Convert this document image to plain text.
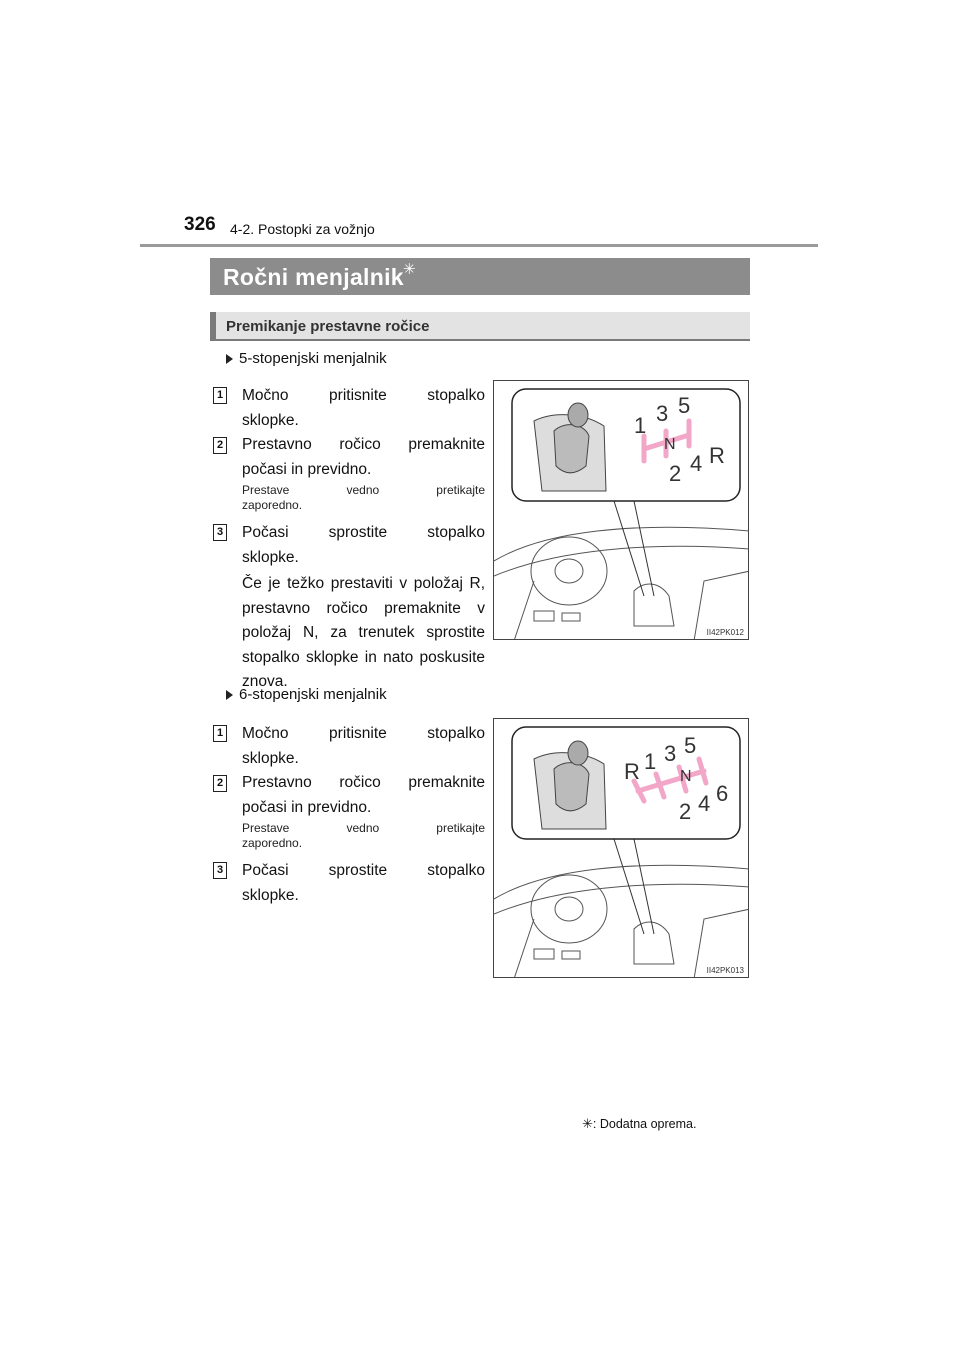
326 4-2. Postopki za vožnjo
Ročni menjalnik ✳
Premikanje prestavne ročice
5-stopenjski menjalnik
1 Močno pritisnite stopalko
sklopke.
2 Prestavno ročico premaknite
počasi in previdno.
Prestave vedno pretikajte
zaporedno.
3 Počasi sprostite stopalko
sklopke.
Če je težko prestaviti v položaj R,
prestavno ročico premaknite v
položaj N, za trenutek sprostite
stopalko sklopke in nato poskusite
znova.
1 3 5
N
2 4 R
II42PK012
6-stopenjski menjalnik
1 Močno pritisnite stopalko
sklopke.
2 Prestavno ročico premaknite
počasi in previdno.
Prestave vedno pretikajte
zaporedno.
3 Počasi sprostite stopalko
sklopke.
R 1 3 5
N
2 4 6
II42PK013
✳: Dodatna oprema.
